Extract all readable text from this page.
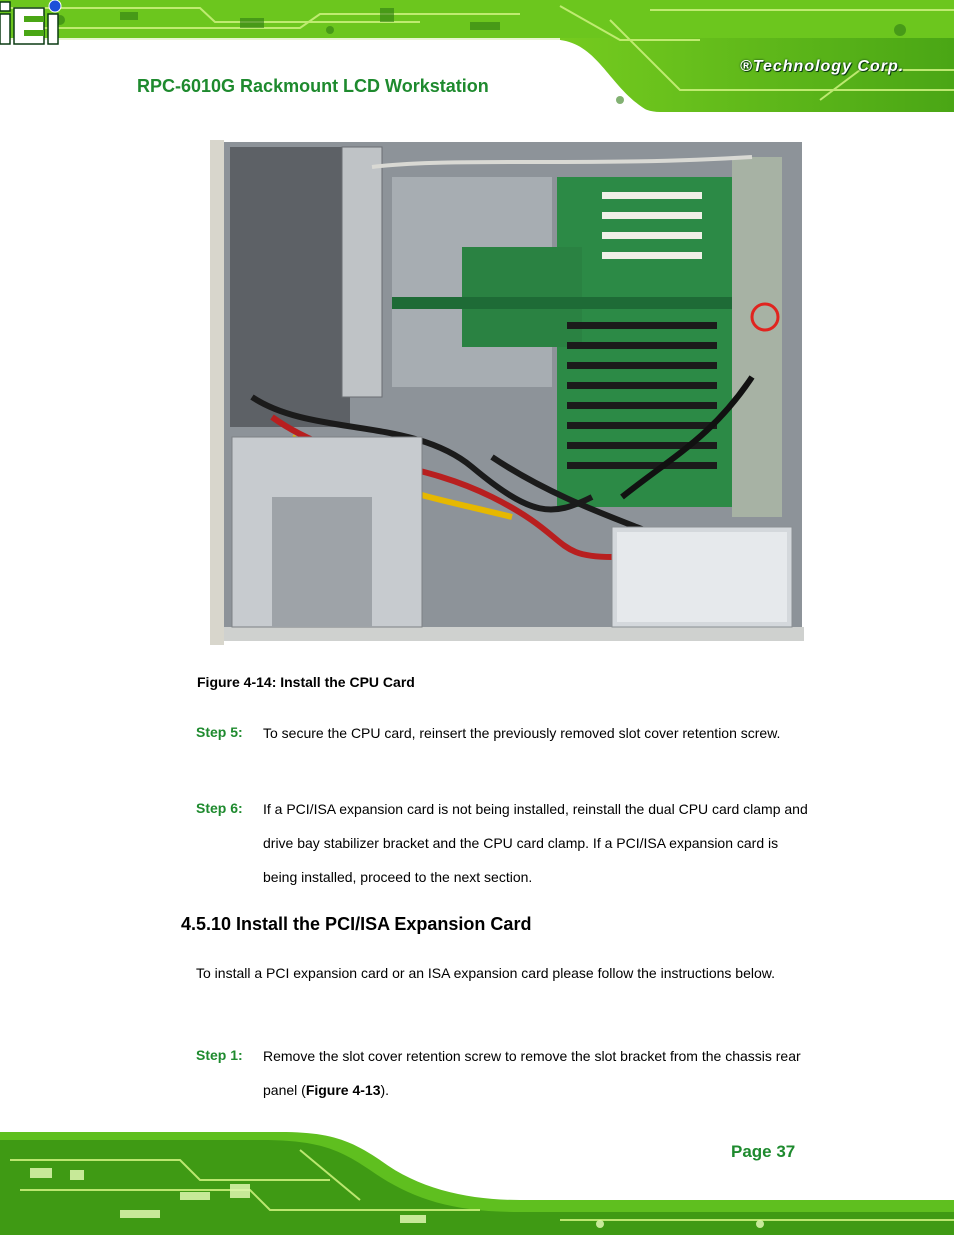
RPC-6010G Rackmount LCD Workstation
®Technology Corp.
Figure 4-14: Install the CPU Card
Step 5: To secure the CPU card, reinsert the previously removed slot cover retention screw.
Step 6: If a PCI/ISA expansion card is not being installed, reinstall the dual CPU card clamp and drive bay stabilizer bracket and the CPU card clamp. If a PCI/ISA expansion card is being installed, proceed to the next section.
4.5.10 Install the PCI/ISA Expansion Card
To install a PCI expansion card or an ISA expansion card please follow the instructions below.
Step 1: Remove the slot cover retention screw to remove the slot bracket from the chassis rear panel (Figure 4-13).
Page 37
